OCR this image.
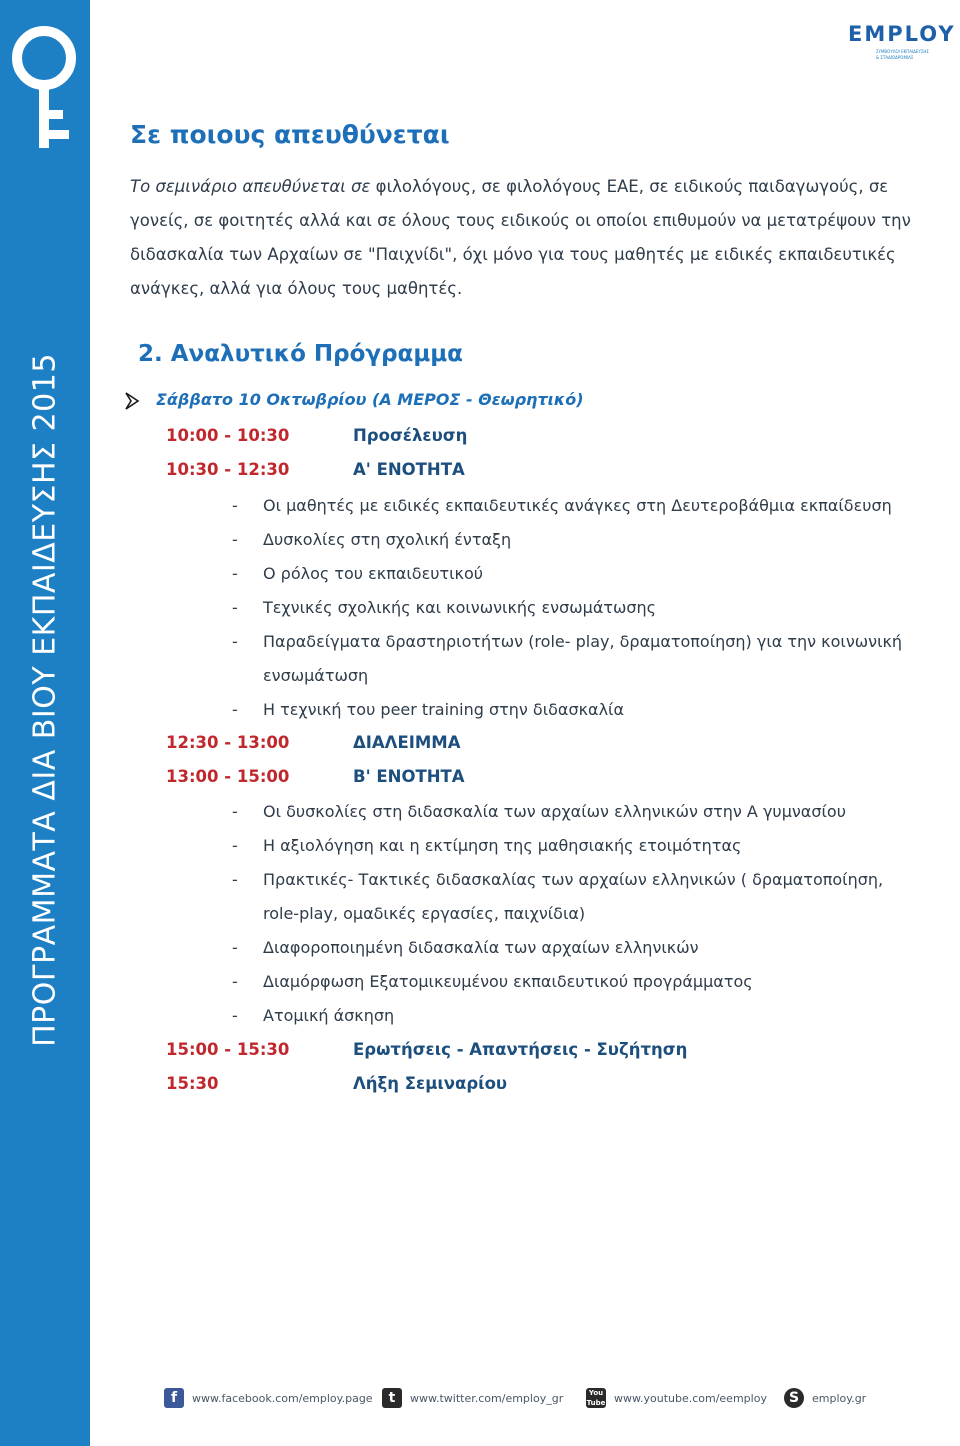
ΠΡΟΓΡΑΜΜΑΤΑ ΔΙΑ ΒΙΟΥ ΕΚΠΑΙΔΕΥΣΗΣ 2015
EMPLOY
ΣΥΜΒΟΥΛΟΙ ΕΚΠΑΙΔΕΥΣΗΣ
& ΣΤΑΔΙΟΔΡΟΜΙΑΣ
Σε ποιους απευθύνεται
Το σεμινάριο απευθύνεται σε φιλολόγους, σε φιλολόγους ΕΑΕ, σε ειδικούς παιδαγωγούς, σε γονείς, σε φοιτητές αλλά και σε όλους τους ειδικούς οι οποίοι επιθυμούν να μετατρέψουν την διδασκαλία των Αρχαίων σε "Παιχνίδι", όχι μόνο για τους μαθητές με ειδικές εκπαιδευτικές ανάγκες, αλλά για όλους τους μαθητές.
2. Αναλυτικό Πρόγραμμα
Σάββατο 10 Οκτωβρίου (Α ΜΕΡΟΣ - Θεωρητικό)
10:00 - 10:30	Προσέλευση
10:30 - 12:30	Α' ΕΝΟΤΗΤΑ
- Οι μαθητές με ειδικές εκπαιδευτικές ανάγκες στη Δευτεροβάθμια εκπαίδευση
- Δυσκολίες στη σχολική ένταξη
- Ο ρόλος του εκπαιδευτικού
- Τεχνικές σχολικής και κοινωνικής ενσωμάτωσης
- Παραδείγματα δραστηριοτήτων (role- play, δραματοποίηση) για την κοινωνική
ενσωμάτωση
- Η τεχνική του peer training στην διδασκαλία
12:30 - 13:00	ΔΙΑΛΕΙΜΜΑ
13:00 - 15:00	Β' ΕΝΟΤΗΤΑ
- Οι δυσκολίες στη διδασκαλία των αρχαίων ελληνικών στην Α γυμνασίου
- Η αξιολόγηση και η εκτίμηση της μαθησιακής ετοιμότητας
- Πρακτικές- Τακτικές διδασκαλίας των αρχαίων ελληνικών ( δραματοποίηση,
role-play, ομαδικές εργασίες, παιχνίδια)
- Διαφοροποιημένη διδασκαλία των αρχαίων ελληνικών
- Διαμόρφωση Εξατομικευμένου εκπαιδευτικού προγράμματος
- Ατομική άσκηση
15:00 - 15:30	Ερωτήσεις - Απαντήσεις - Συζήτηση
15:30	Λήξη Σεμιναρίου
f	www.facebook.com/employ.page	t	www.twitter.com/employ_gr	You Tube www.youtube.com/eemploy	S	employ.gr
